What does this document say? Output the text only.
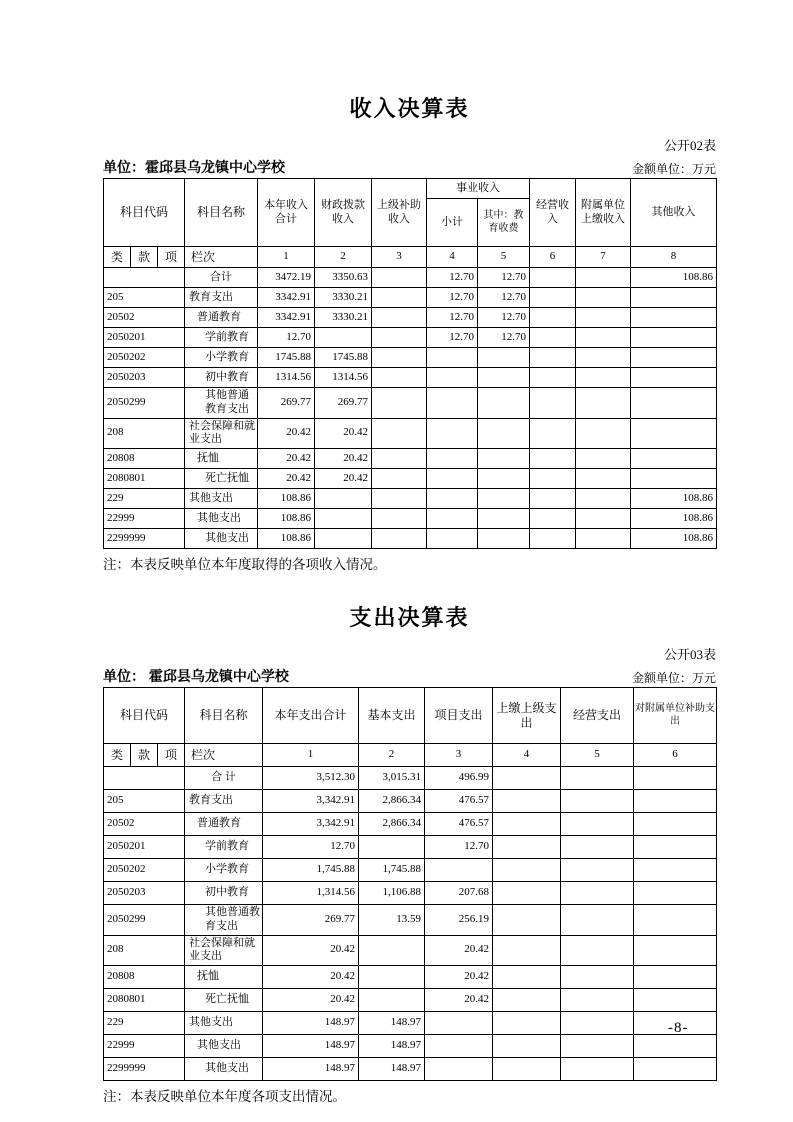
收入决算表
公开02表
单位：霍邱县乌龙镇中心学校	金额单位：万元
科目代码			科目名称	本年收入合计	财政拨款收入	上级补助收入	事业收入		经营收入	附属单位上缴收入	其他收入
							小计	其中：教育收费			
类	款	项	栏次	1	2	3	4	5	6	7	8
			合计	3472.19	3350.63		12.70	12.70			108.86
205			教育支出	3342.91	3330.21		12.70	12.70			
20502			普通教育	3342.91	3330.21		12.70	12.70			
2050201			学前教育	12.70			12.70	12.70			
2050202			小学教育	1745.88	1745.88						
2050203			初中教育	1314.56	1314.56						
2050299			其他普通教育支出	269.77	269.77						
208			社会保障和就业支出	20.42	20.42						
20808			抚恤	20.42	20.42						
2080801			死亡抚恤	20.42	20.42						
229			其他支出	108.86							108.86
22999			其他支出	108.86							108.86
2299999			其他支出	108.86							108.86

注：本表反映单位本年度取得的各项收入情况。

支出决算表
公开03表
单位： 霍邱县乌龙镇中心学校	金额单位：万元
科目代码			科目名称	本年支出合计	基本支出	项目支出	上缴上级支出	经营支出	对附属单位补助支出
类	款	项	栏次	1	2	3	4	5	6
			合 计	3,512.30	3,015.31	496.99			
205			教育支出	3,342.91	2,866.34	476.57			
20502			普通教育	3,342.91	2,866.34	476.57			
2050201			学前教育	12.70		12.70			
2050202			小学教育	1,745.88	1,745.88				
2050203			初中教育	1,314.56	1,106.88	207.68			
2050299			其他普通教育支出	269.77	13.59	256.19			
208			社会保障和就业支出	20.42		20.42			
20808			抚恤	20.42		20.42			
2080801			死亡抚恤	20.42		20.42			
229			其他支出	148.97	148.97				
22999			其他支出	148.97	148.97				
2299999			其他支出	148.97	148.97				

注：本表反映单位本年度各项支出情况。

-8-
